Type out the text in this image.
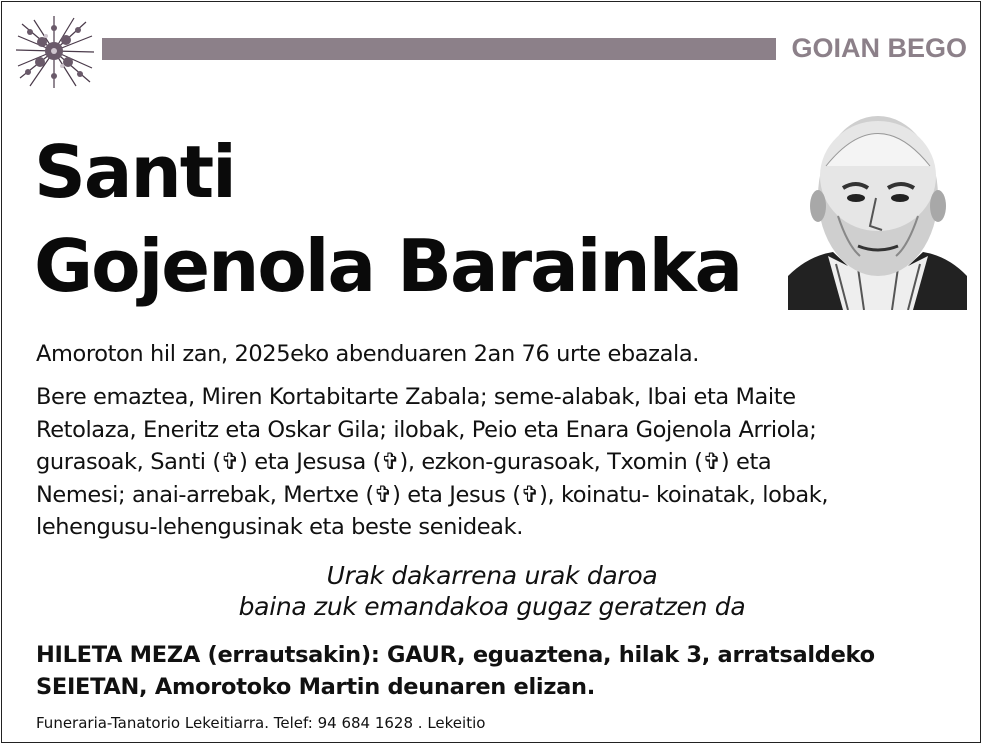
GOIAN BEGO
Santi
Gojenola Barainka
Amoroton hil zan, 2025eko abenduaren 2an 76 urte ebazala.
Bere emaztea, Miren Kortabitarte Zabala; seme-alabak, Ibai eta Maite
Retolaza, Eneritz eta Oskar Gila; ilobak, Peio eta Enara Gojenola Arriola;
gurasoak, Santi (✞) eta Jesusa (✞), ezkon-gurasoak, Txomin (✞) eta
Nemesi; anai-arrebak, Mertxe (✞) eta Jesus (✞), koinatu- koinatak, lobak,
lehengusu-lehengusinak eta beste senideak.
Urak dakarrena urak daroa
baina zuk emandakoa gugaz geratzen da
HILETA MEZA (errautsakin): GAUR, eguaztena, hilak 3, arratsaldeko
SEIETAN, Amorotoko Martin deunaren elizan.
Funeraria-Tanatorio Lekeitiarra. Telef: 94 684 1628 . Lekeitio
